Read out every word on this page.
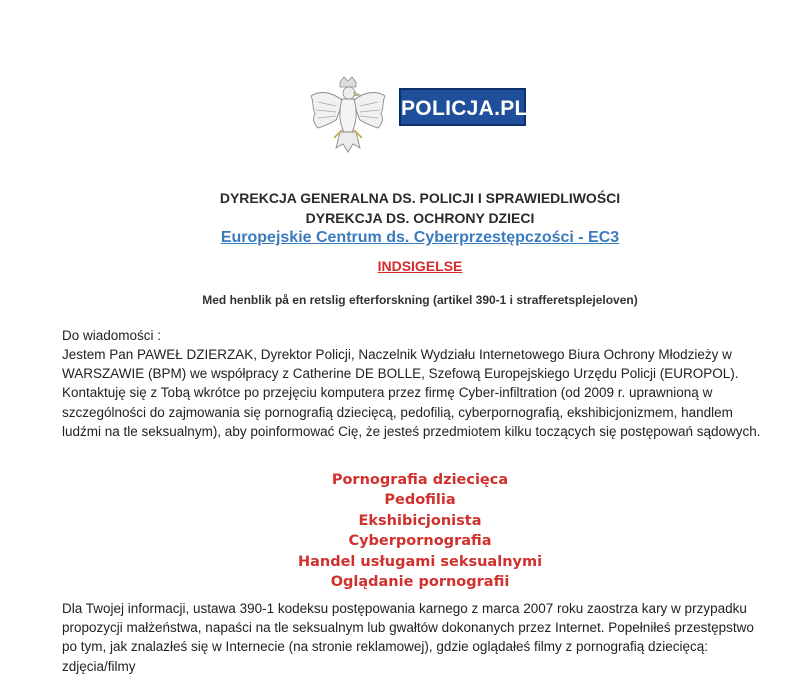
POLICJA.PL
DYREKCJA GENERALNA DS. POLICJI I SPRAWIEDLIWOŚCI
DYREKCJA DS. OCHRONY DZIECI
Europejskie Centrum ds. Cyberprzestępczości - EC3
INDSIGELSE
Med henblik på en retslig efterforskning (artikel 390-1 i strafferetsplejeloven)
Do wiadomości :
Jestem Pan PAWEŁ DZIERZAK, Dyrektor Policji, Naczelnik Wydziału Internetowego Biura Ochrony Młodzieży w WARSZAWIE (BPM) we współpracy z Catherine DE BOLLE, Szefową Europejskiego Urzędu Policji (EUROPOL). Kontaktuję się z Tobą wkrótce po przejęciu komputera przez firmę Cyber-infiltration (od 2009 r. uprawnioną w szczególności do zajmowania się pornografią dziecięcą, pedofilią, cyberpornografią, ekshibicjonizmem, handlem ludźmi na tle seksualnym), aby poinformować Cię, że jesteś przedmiotem kilku toczących się postępowań sądowych.
Pornografia dziecięca
Pedofilia
Ekshibicjonista
Cyberpornografia
Handel usługami seksualnymi
Oglądanie pornografii
Dla Twojej informacji, ustawa 390-1 kodeksu postępowania karnego z marca 2007 roku zaostrza kary w przypadku propozycji małżeństwa, napaści na tle seksualnym lub gwałtów dokonanych przez Internet. Popełniłeś przestępstwo po tym, jak znalazłeś się w Internecie (na stronie reklamowej), gdzie oglądałeś filmy z pornografią dziecięcą: zdjęcia/filmy
